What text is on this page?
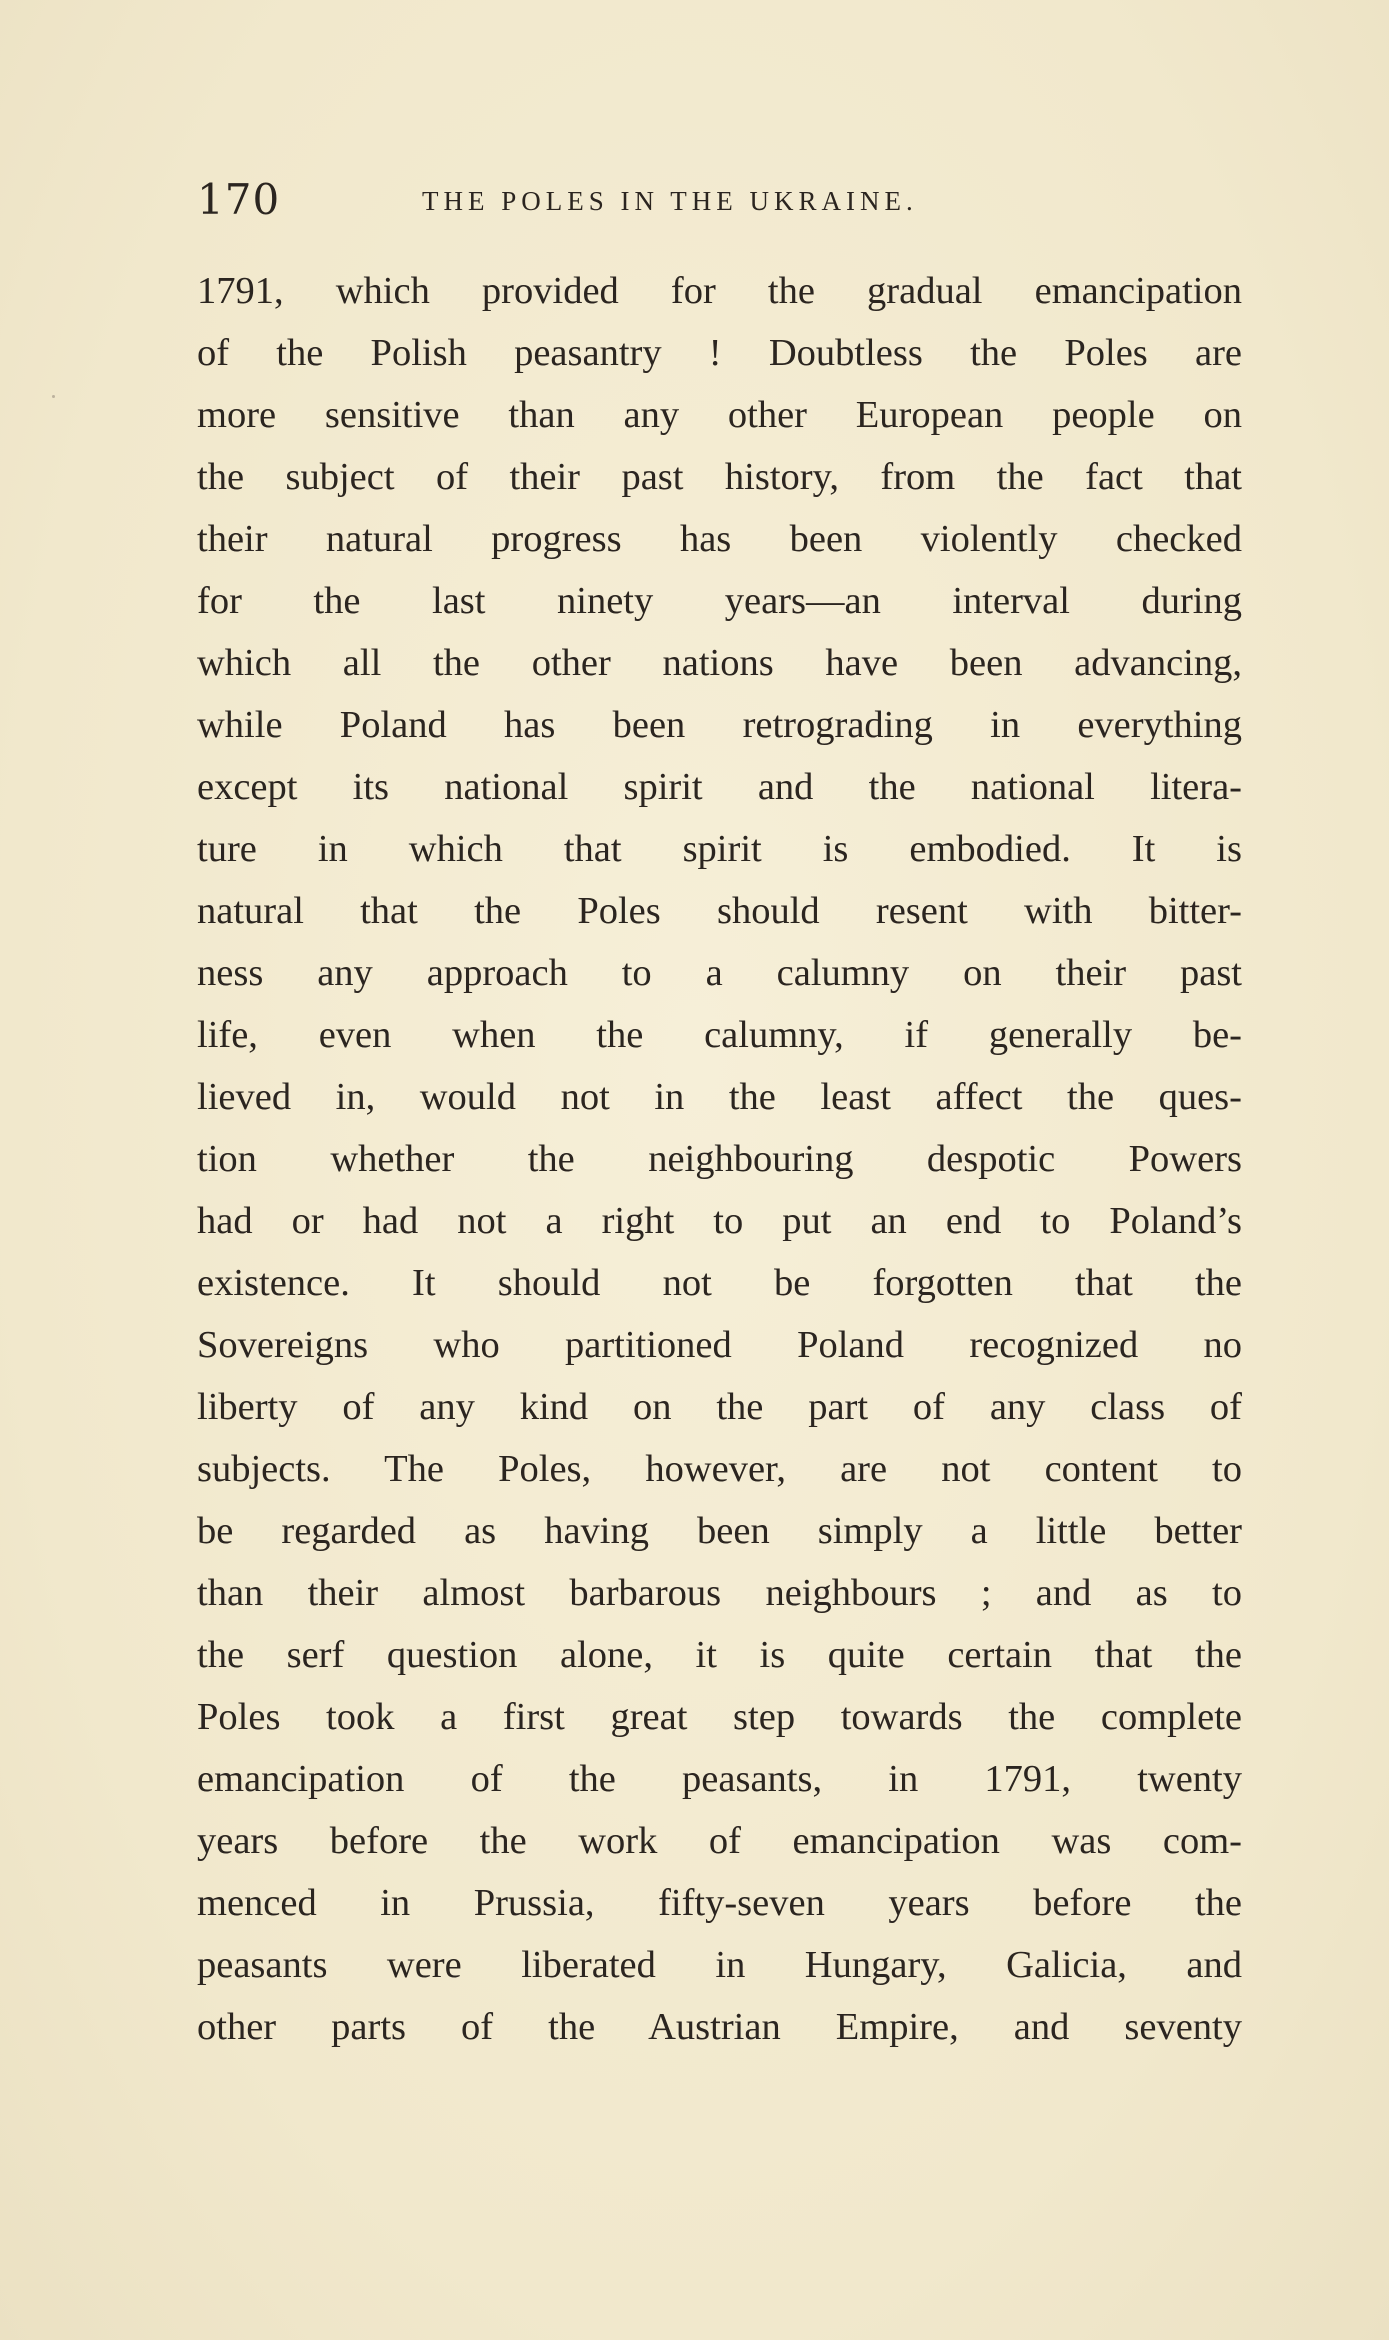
170	THE POLES IN THE UKRAINE.
1791, which provided for the gradual emancipation
of the Polish peasantry ! Doubtless the Poles are
more sensitive than any other European people on
the subject of their past history, from the fact that
their natural progress has been violently checked
for the last ninety years—an interval during
which all the other nations have been advancing,
while Poland has been retrograding in everything
except its national spirit and the national litera-
ture in which that spirit is embodied. It is
natural that the Poles should resent with bitter-
ness any approach to a calumny on their past
life, even when the calumny, if generally be-
lieved in, would not in the least affect the ques-
tion whether the neighbouring despotic Powers
had or had not a right to put an end to Poland’s
existence. It should not be forgotten that the
Sovereigns who partitioned Poland recognized no
liberty of any kind on the part of any class of
subjects. The Poles, however, are not content to
be regarded as having been simply a little better
than their almost barbarous neighbours ; and as to
the serf question alone, it is quite certain that the
Poles took a first great step towards the complete
emancipation of the peasants, in 1791, twenty
years before the work of emancipation was com-
menced in Prussia, fifty-seven years before the
peasants were liberated in Hungary, Galicia, and
other parts of the Austrian Empire, and seventy
